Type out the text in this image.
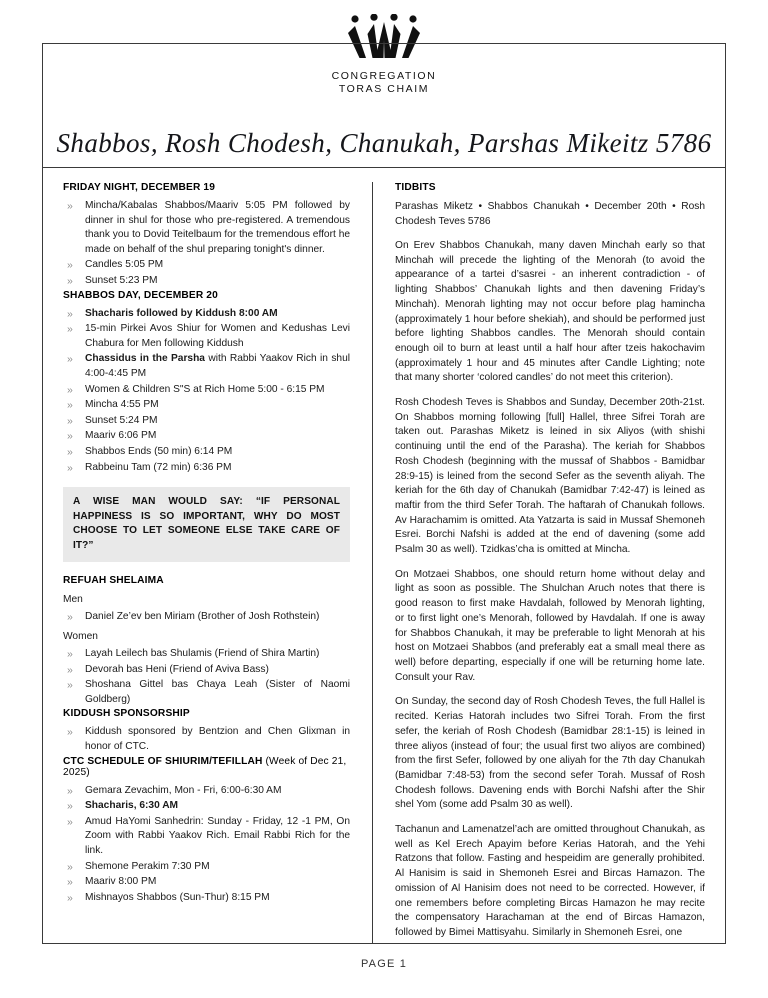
CONGREGATION
TORAS CHAIM
Shabbos, Rosh Chodesh, Chanukah, Parshas Mikeitz 5786
FRIDAY NIGHT, DECEMBER 19
» Mincha/Kabalas Shabbos/Maariv 5:05 PM followed by dinner in shul for those who pre-registered. A tremendous thank you to Dovid Teitelbaum for the tremendous effort he made on behalf of the shul preparing tonight's dinner.
» Candles 5:05 PM
» Sunset 5:23 PM
SHABBOS DAY, DECEMBER 20
» Shacharis followed by Kiddush 8:00 AM
» 15-min Pirkei Avos Shiur for Women and Kedushas Levi Chabura for Men following Kiddush
» Chassidus in the Parsha with Rabbi Yaakov Rich in shul 4:00-4:45 PM
» Women & Children S"S at Rich Home 5:00 - 6:15 PM
» Mincha 4:55 PM
» Sunset 5:24 PM
» Maariv 6:06 PM
» Shabbos Ends (50 min) 6:14 PM
» Rabbeinu Tam (72 min) 6:36 PM
A WISE MAN WOULD SAY: “IF PERSONAL HAPPINESS IS SO IMPORTANT, WHY DO MOST CHOOSE TO LET SOMEONE ELSE TAKE CARE OF IT?”
REFUAH SHELAIMA
Men
» Daniel Ze’ev ben Miriam (Brother of Josh Rothstein)
Women
» Layah Leilech bas Shulamis (Friend of Shira Martin)
» Devorah bas Heni (Friend of Aviva Bass)
» Shoshana Gittel bas Chaya Leah (Sister of Naomi Goldberg)
KIDDUSH SPONSORSHIP
» Kiddush sponsored by Bentzion and Chen Glixman in honor of CTC.
CTC SCHEDULE OF SHIURIM/TEFILLAH (Week of Dec 21, 2025)
» Gemara Zevachim, Mon - Fri, 6:00-6:30 AM
» Shacharis, 6:30 AM
» Amud HaYomi Sanhedrin: Sunday - Friday, 12 -1 PM, On Zoom with Rabbi Yaakov Rich. Email Rabbi Rich for the link.
» Shemone Perakim 7:30 PM
» Maariv 8:00 PM
» Mishnayos Shabbos (Sun-Thur) 8:15 PM
TIDBITS
Parashas Miketz • Shabbos Chanukah • December 20th • Rosh Chodesh Teves 5786

On Erev Shabbos Chanukah, many daven Minchah early so that Minchah will precede the lighting of the Menorah (to avoid the appearance of a tartei d’sasrei - an inherent contradiction - of lighting Shabbos’ Chanukah lights and then davening Friday’s Minchah). Menorah lighting may not occur before plag hamincha (approximately 1 hour before shekiah), and should be performed just before lighting Shabbos candles. The Menorah should contain enough oil to burn at least until a half hour after tzeis hakochavim (approximately 1 hour and 45 minutes after Candle Lighting; note that many shorter ‘colored candles’ do not meet this criterion).

Rosh Chodesh Teves is Shabbos and Sunday, December 20th-21st. On Shabbos morning following [full] Hallel, three Sifrei Torah are taken out. Parashas Miketz is leined in six Aliyos (with shishi continuing until the end of the Parasha). The keriah for Shabbos Rosh Chodesh (beginning with the mussaf of Shabbos - Bamidbar 28:9-15) is leined from the second Sefer as the seventh aliyah. The keriah for the 6th day of Chanukah (Bamidbar 7:42-47) is leined as maftir from the third Sefer Torah. The haftarah of Chanukah follows. Av Harachamim is omitted. Ata Yatzarta is said in Mussaf Shemoneh Esrei. Borchi Nafshi is added at the end of davening (some add Psalm 30 as well). Tzidkas’cha is omitted at Mincha.

On Motzaei Shabbos, one should return home without delay and light as soon as possible. The Shulchan Aruch notes that there is good reason to first make Havdalah, followed by Menorah lighting, or to first light one’s Menorah, followed by Havdalah. If one is away for Shabbos Chanukah, it may be preferable to light Menorah at his host on Motzaei Shabbos (and preferably eat a small meal there as well) before departing, especially if one will be returning home late. Consult your Rav.

On Sunday, the second day of Rosh Chodesh Teves, the full Hallel is recited. Kerias Hatorah includes two Sifrei Torah. From the first sefer, the keriah of Rosh Chodesh (Bamidbar 28:1-15) is leined in three aliyos (instead of four; the usual first two aliyos are combined) from the first Sefer, followed by one aliyah for the 7th day Chanukah (Bamidbar 7:48-53) from the second sefer Torah. Mussaf of Rosh Chodesh follows. Davening ends with Borchi Nafshi after the Shir shel Yom (some add Psalm 30 as well).

Tachanun and Lamenatzel’ach are omitted throughout Chanukah, as well as Kel Erech Apayim before Kerias Hatorah, and the Yehi Ratzons that follow. Fasting and hespeidim are generally prohibited. Al Hanisim is said in Shemoneh Esrei and Bircas Hamazon. The omission of Al Hanisim does not need to be corrected. However, if one remembers before completing Bircas Hamazon he may recite the compensatory Harachaman at the end of Bircas Hamazon, followed by Bimei Mattisyahu. Similarly in Shemoneh Esrei, one

PAGE 1
